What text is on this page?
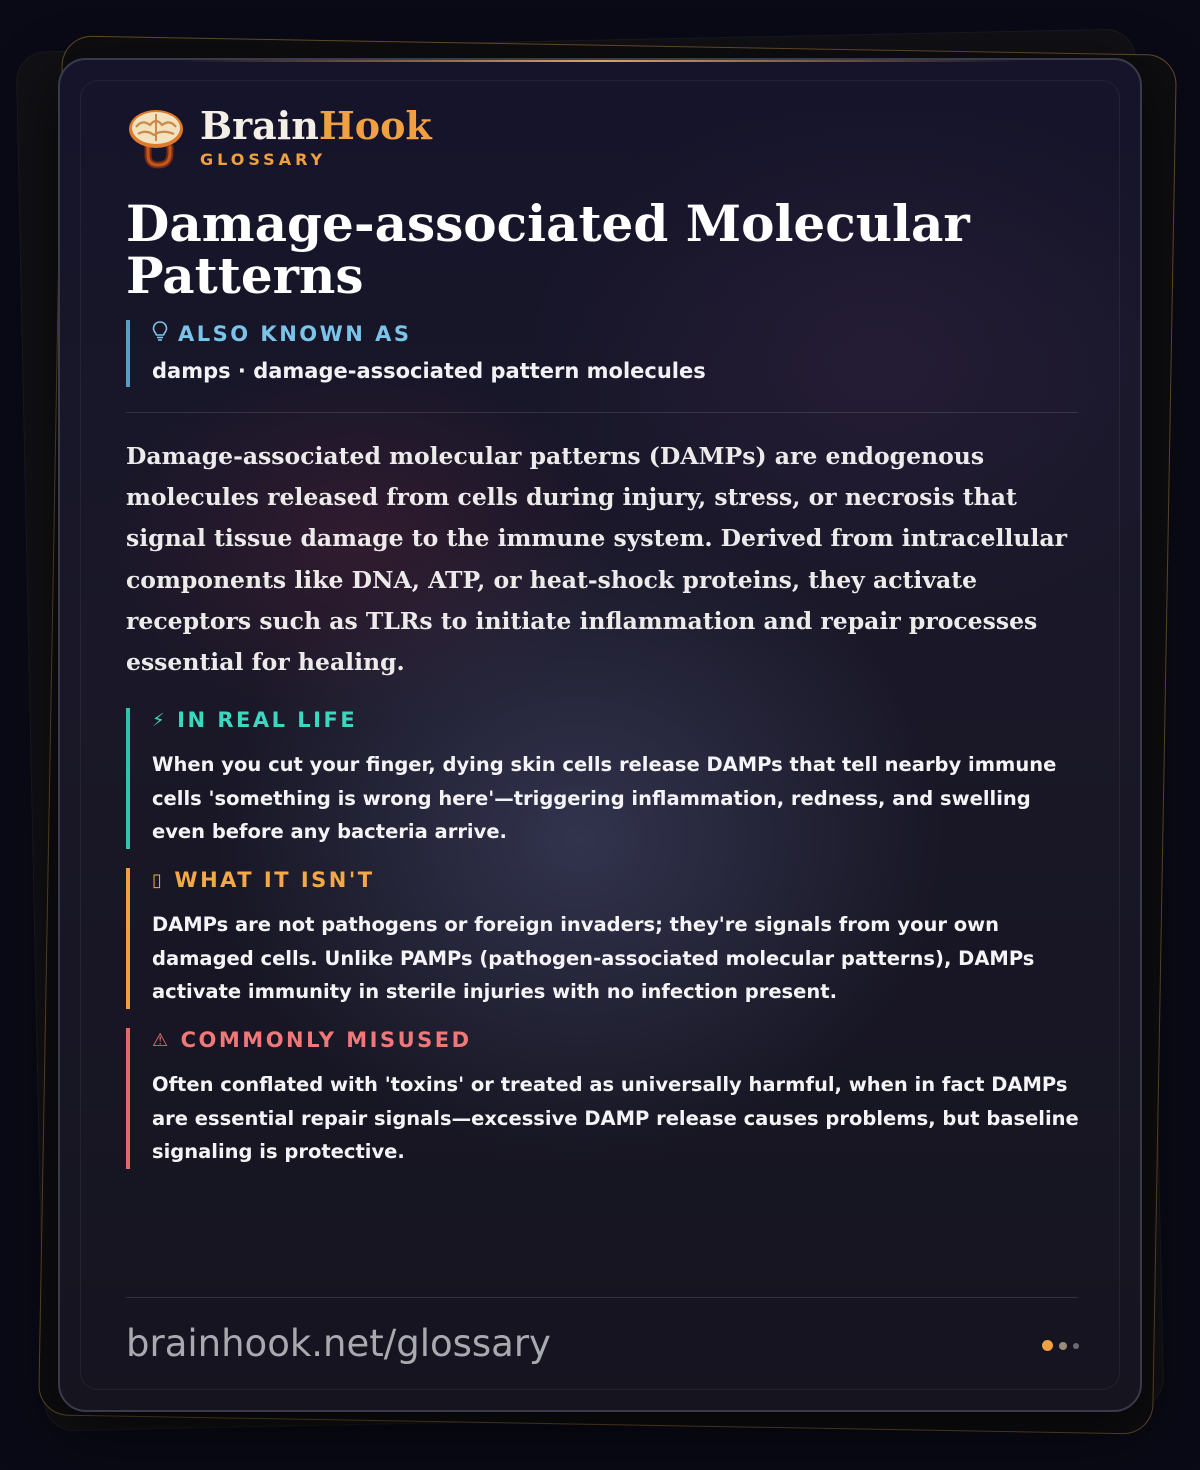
BrainHook
GLOSSARY
Damage-associated Molecular Patterns
ALSO KNOWN AS
damps · damage-associated pattern molecules

Damage-associated molecular patterns (DAMPs) are endogenous molecules released from cells during injury, stress, or necrosis that signal tissue damage to the immune system. Derived from intracellular components like DNA, ATP, or heat-shock proteins, they activate receptors such as TLRs to initiate inflammation and repair processes essential for healing.

⚡ IN REAL LIFE
When you cut your finger, dying skin cells release DAMPs that tell nearby immune cells 'something is wrong here'—triggering inflammation, redness, and swelling even before any bacteria arrive.
▯ WHAT IT ISN'T
DAMPs are not pathogens or foreign invaders; they're signals from your own damaged cells. Unlike PAMPs (pathogen-associated molecular patterns), DAMPs activate immunity in sterile injuries with no infection present.
⚠ COMMONLY MISUSED
Often conflated with 'toxins' or treated as universally harmful, when in fact DAMPs are essential repair signals—excessive DAMP release causes problems, but baseline signaling is protective.
brainhook.net/glossary
